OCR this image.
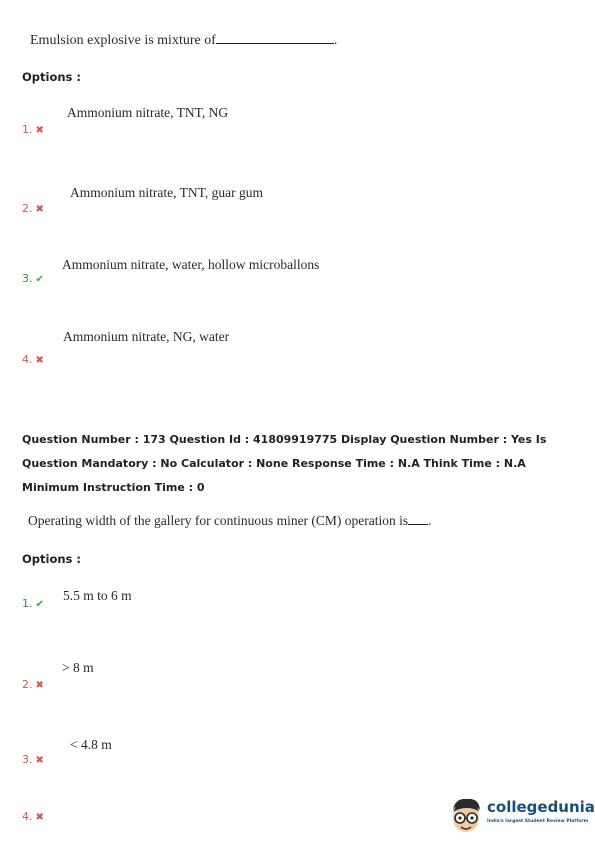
Emulsion explosive is mixture of	.
Options :
Ammonium nitrate, TNT, NG
1. ✖
Ammonium nitrate, TNT, guar gum
2. ✖
Ammonium nitrate, water, hollow microballons
3. ✔
Ammonium nitrate, NG, water
4. ✖
Question Number : 173 Question Id : 41809919775 Display Question Number : Yes Is Question Mandatory : No Calculator : None Response Time : N.A Think Time : N.A Minimum Instruction Time : 0
Operating width of the gallery for continuous miner (CM) operation is .
Options :
5.5 m to 6 m
1. ✔
> 8 m
2. ✖
< 4.8 m
3. ✖
4. ✖
collegedunia
India's largest Student Review Platform
